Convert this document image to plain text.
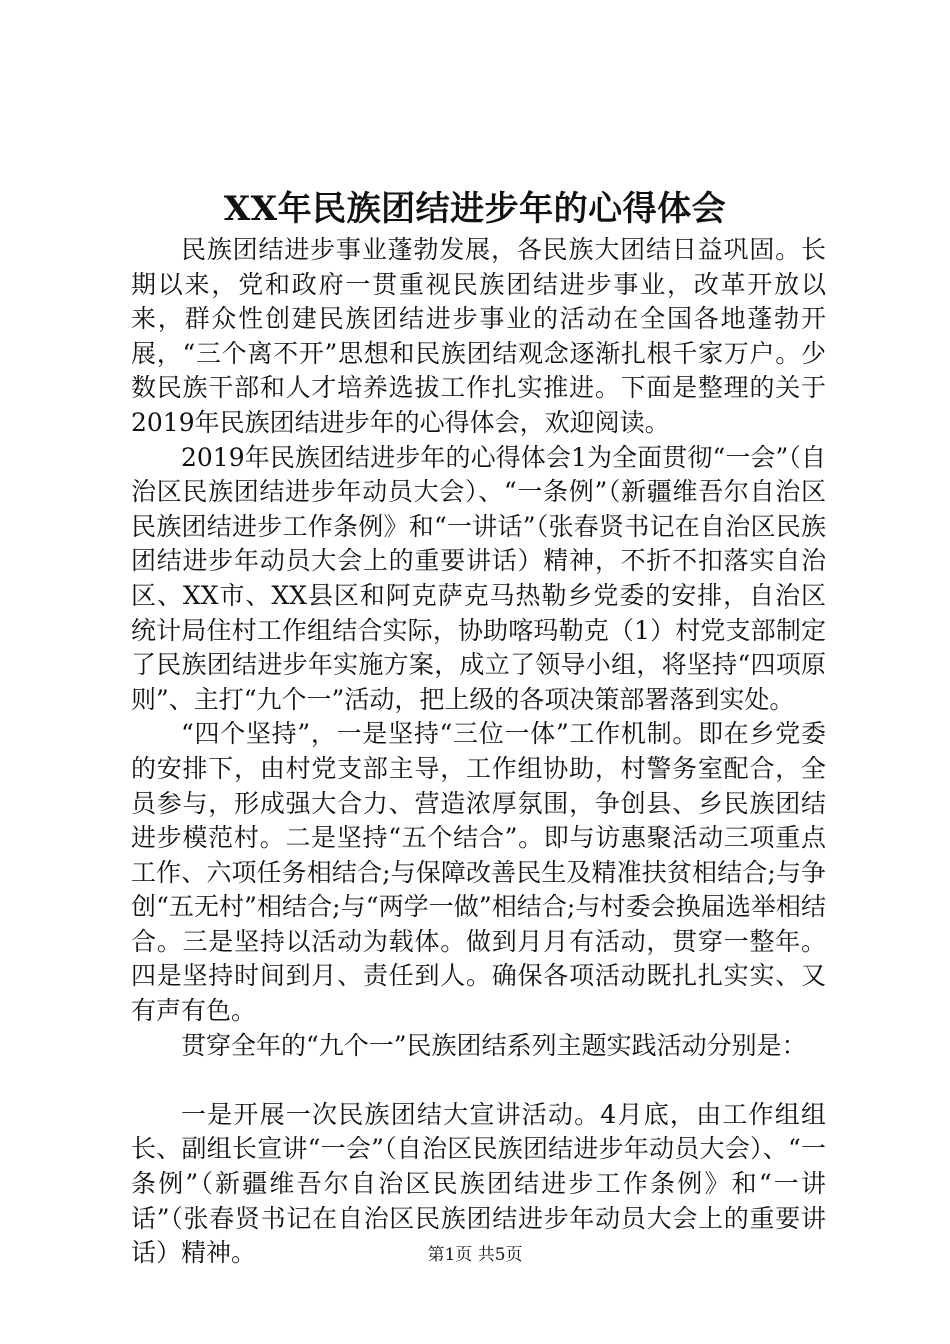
XX年民族团结进步年的心得体会

民族团结进步事业蓬勃发展，各民族大团结日益巩固。长期以来，党和政府一贯重视民族团结进步事业，改革开放以来，群众性创建民族团结进步事业的活动在全国各地蓬勃开展，“三个离不开”思想和民族团结观念逐渐扎根千家万户。少数民族干部和人才培养选拔工作扎实推进。下面是整理的关于2019年民族团结进步年的心得体会，欢迎阅读。

2019年民族团结进步年的心得体会1为全面贯彻“一会”（自治区民族团结进步年动员大会）、“一条例”（新疆维吾尔自治区民族团结进步工作条例》和“一讲话”（张春贤书记在自治区民族团结进步年动员大会上的重要讲话）精神，不折不扣落实自治区、XX市、XX县区和阿克萨克马热勒乡党委的安排，自治区统计局住村工作组结合实际，协助喀玛勒克（1）村党支部制定了民族团结进步年实施方案，成立了领导小组，将坚持“四项原则”、主打“九个一”活动，把上级的各项决策部署落到实处。

“四个坚持”，一是坚持“三位一体”工作机制。即在乡党委的安排下，由村党支部主导，工作组协助，村警务室配合，全员参与，形成强大合力、营造浓厚氛围，争创县、乡民族团结进步模范村。二是坚持“五个结合”。即与访惠聚活动三项重点工作、六项任务相结合;与保障改善民生及精准扶贫相结合;与争创“五无村”相结合;与“两学一做”相结合;与村委会换届选举相结合。三是坚持以活动为载体。做到月月有活动，贯穿一整年。四是坚持时间到月、责任到人。确保各项活动既扎扎实实、又有声有色。

贯穿全年的“九个一”民族团结系列主题实践活动分别是：

一是开展一次民族团结大宣讲活动。4月底，由工作组组长、副组长宣讲“一会”（自治区民族团结进步年动员大会）、“一条例”（新疆维吾尔自治区民族团结进步工作条例》和“一讲话”（张春贤书记在自治区民族团结进步年动员大会上的重要讲话）精神。	第1页 共5页
